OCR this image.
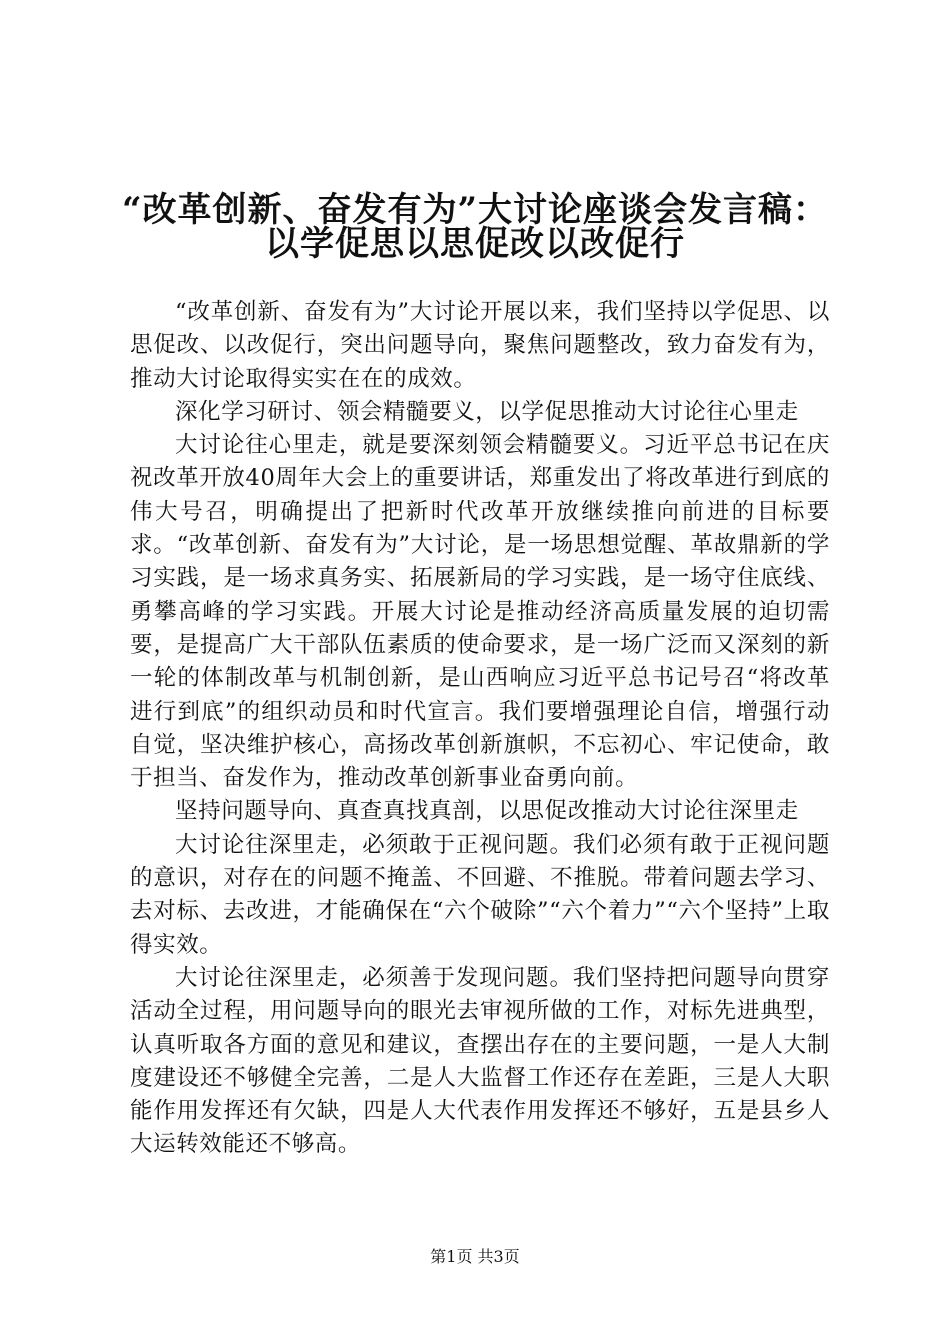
“改革创新、奋发有为”大讨论座谈会发言稿：
以学促思以思促改以改促行

“改革创新、奋发有为”大讨论开展以来，我们坚持以学促思、以思促改、以改促行，突出问题导向，聚焦问题整改，致力奋发有为，推动大讨论取得实实在在的成效。

深化学习研讨、领会精髓要义，以学促思推动大讨论往心里走

大讨论往心里走，就是要深刻领会精髓要义。习近平总书记在庆祝改革开放40周年大会上的重要讲话，郑重发出了将改革进行到底的伟大号召，明确提出了把新时代改革开放继续推向前进的目标要求。“改革创新、奋发有为”大讨论，是一场思想觉醒、革故鼎新的学习实践，是一场求真务实、拓展新局的学习实践，是一场守住底线、勇攀高峰的学习实践。开展大讨论是推动经济高质量发展的迫切需要，是提高广大干部队伍素质的使命要求，是一场广泛而又深刻的新一轮的体制改革与机制创新，是山西响应习近平总书记号召“将改革进行到底”的组织动员和时代宣言。我们要增强理论自信，增强行动自觉，坚决维护核心，高扬改革创新旗帜，不忘初心、牢记使命，敢于担当、奋发作为，推动改革创新事业奋勇向前。

坚持问题导向、真查真找真剖，以思促改推动大讨论往深里走

大讨论往深里走，必须敢于正视问题。我们必须有敢于正视问题的意识，对存在的问题不掩盖、不回避、不推脱。带着问题去学习、去对标、去改进，才能确保在“六个破除”“六个着力”“六个坚持”上取得实效。

大讨论往深里走，必须善于发现问题。我们坚持把问题导向贯穿活动全过程，用问题导向的眼光去审视所做的工作，对标先进典型，认真听取各方面的意见和建议，查摆出存在的主要问题，一是人大制度建设还不够健全完善，二是人大监督工作还存在差距，三是人大职能作用发挥还有欠缺，四是人大代表作用发挥还不够好，五是县乡人大运转效能还不够高。

第1页 共3页
